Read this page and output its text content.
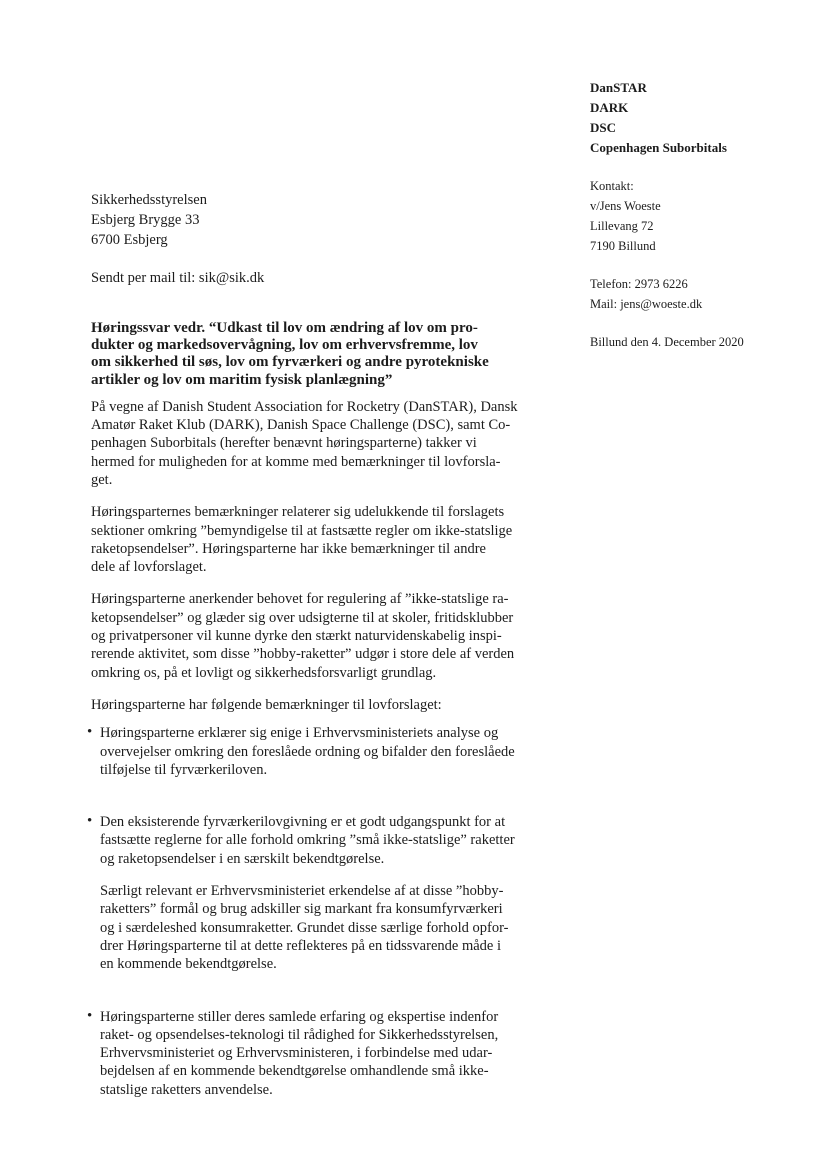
DanSTAR
DARK
DSC
Copenhagen Suborbitals
Kontakt:
v/Jens Woeste
Lillevang 72
7190 Billund
Telefon: 2973 6226
Mail: jens@woeste.dk
Billund den 4. December 2020
Sikkerhedsstyrelsen
Esbjerg Brygge 33
6700 Esbjerg
Sendt per mail til: sik@sik.dk
Høringssvar vedr. “Udkast til lov om ændring af lov om pro-
dukter og markedsovervågning, lov om erhvervsfremme, lov
om sikkerhed til søs, lov om fyrværkeri og andre pyrotekniske
artikler og lov om maritim fysisk planlægning”

På vegne af Danish Student Association for Rocketry (DanSTAR), Dansk
Amatør Raket Klub (DARK), Danish Space Challenge (DSC), samt Co-
penhagen Suborbitals (herefter benævnt høringsparterne) takker vi
hermed for muligheden for at komme med bemærkninger til lovforsla-
get.

Høringsparternes bemærkninger relaterer sig udelukkende til forslagets
sektioner omkring ”bemyndigelse til at fastsætte regler om ikke-statslige
raketopsendelser”. Høringsparterne har ikke bemærkninger til andre
dele af lovforslaget.

Høringsparterne anerkender behovet for regulering af ”ikke-statslige ra-
ketopsendelser” og glæder sig over udsigterne til at skoler, fritidsklubber
og privatpersoner vil kunne dyrke den stærkt naturvidenskabelig inspi-
rerende aktivitet, som disse ”hobby-raketter” udgør i store dele af verden
omkring os, på et lovligt og sikkerhedsforsvarligt grundlag.

Høringsparterne har følgende bemærkninger til lovforslaget:

• Høringsparterne erklærer sig enige i Erhvervsministeriets analyse og
overvejelser omkring den foreslåede ordning og bifalder den foreslåede
tilføjelse til fyrværkeriloven.
• Den eksisterende fyrværkerilovgivning er et godt udgangspunkt for at
fastsætte reglerne for alle forhold omkring ”små ikke-statslige” raketter
og raketopsendelser i en særskilt bekendtgørelse.
Særligt relevant er Erhvervsministeriet erkendelse af at disse ”hobby-
raketters” formål og brug adskiller sig markant fra konsumfyrværkeri
og i særdeleshed konsumraketter. Grundet disse særlige forhold opfor-
drer Høringsparterne til at dette reflekteres på en tidssvarende måde i
en kommende bekendtgørelse.
• Høringsparterne stiller deres samlede erfaring og ekspertise indenfor
raket- og opsendelses-teknologi til rådighed for Sikkerhedsstyrelsen,
Erhvervsministeriet og Erhvervsministeren, i forbindelse med udar-
bejdelsen af en kommende bekendtgørelse omhandlende små ikke-
statslige raketters anvendelse.
